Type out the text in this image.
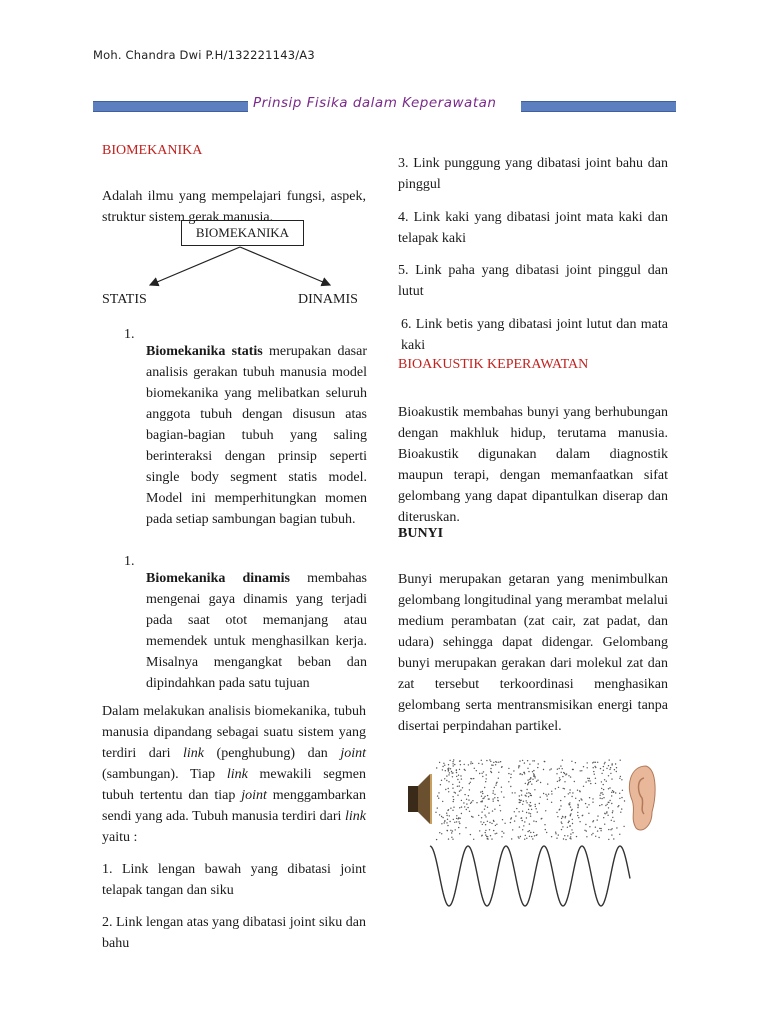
Moh. Chandra Dwi P.H/132221143/A3
Prinsip Fisika dalam Keperawatan
BIOMEKANIKA

Adalah ilmu yang mempelajari fungsi, aspek, struktur sistem gerak manusia.

BIOMEKANIKA
STATIS	DINAMIS
1.

Biomekanika statis merupakan dasar analisis gerakan tubuh manusia model biomekanika yang melibatkan seluruh anggota tubuh dengan disusun atas bagian-bagian tubuh yang saling berinteraksi dengan prinsip seperti single body segment statis model. Model ini memperhitungkan momen pada setiap sambungan bagian tubuh.

1.

Biomekanika dinamis membahas mengenai gaya dinamis yang terjadi pada saat otot memanjang atau memendek untuk menghasilkan kerja. Misalnya mengangkat beban dan dipindahkan pada satu tujuan

Dalam melakukan analisis biomekanika, tubuh manusia dipandang sebagai suatu sistem yang terdiri dari link (penghubung) dan joint (sambungan). Tiap link mewakili segmen tubuh tertentu dan tiap joint menggambarkan sendi yang ada. Tubuh manusia terdiri dari link yaitu :

1. Link lengan bawah yang dibatasi joint telapak tangan dan siku

2. Link lengan atas yang dibatasi joint siku dan bahu

3. Link punggung yang dibatasi joint bahu dan pinggul

4. Link kaki yang dibatasi joint mata kaki dan telapak kaki

5. Link paha yang dibatasi joint pinggul dan lutut

6. Link betis yang dibatasi joint lutut dan mata kaki

BIOAKUSTIK KEPERAWATAN

Bioakustik membahas bunyi yang berhubungan dengan makhluk hidup, terutama manusia. Bioakustik digunakan dalam diagnostik maupun terapi, dengan memanfaatkan sifat gelombang yang dapat dipantulkan diserap dan diteruskan.

BUNYI

Bunyi merupakan getaran yang menimbulkan gelombang longitudinal yang merambat melalui medium perambatan (zat cair, zat padat, dan udara) sehingga dapat didengar. Gelombang bunyi merupakan gerakan dari molekul zat dan zat tersebut terkoordinasi menghasikan gelombang serta mentransmisikan energi tanpa disertai perpindahan partikel.
